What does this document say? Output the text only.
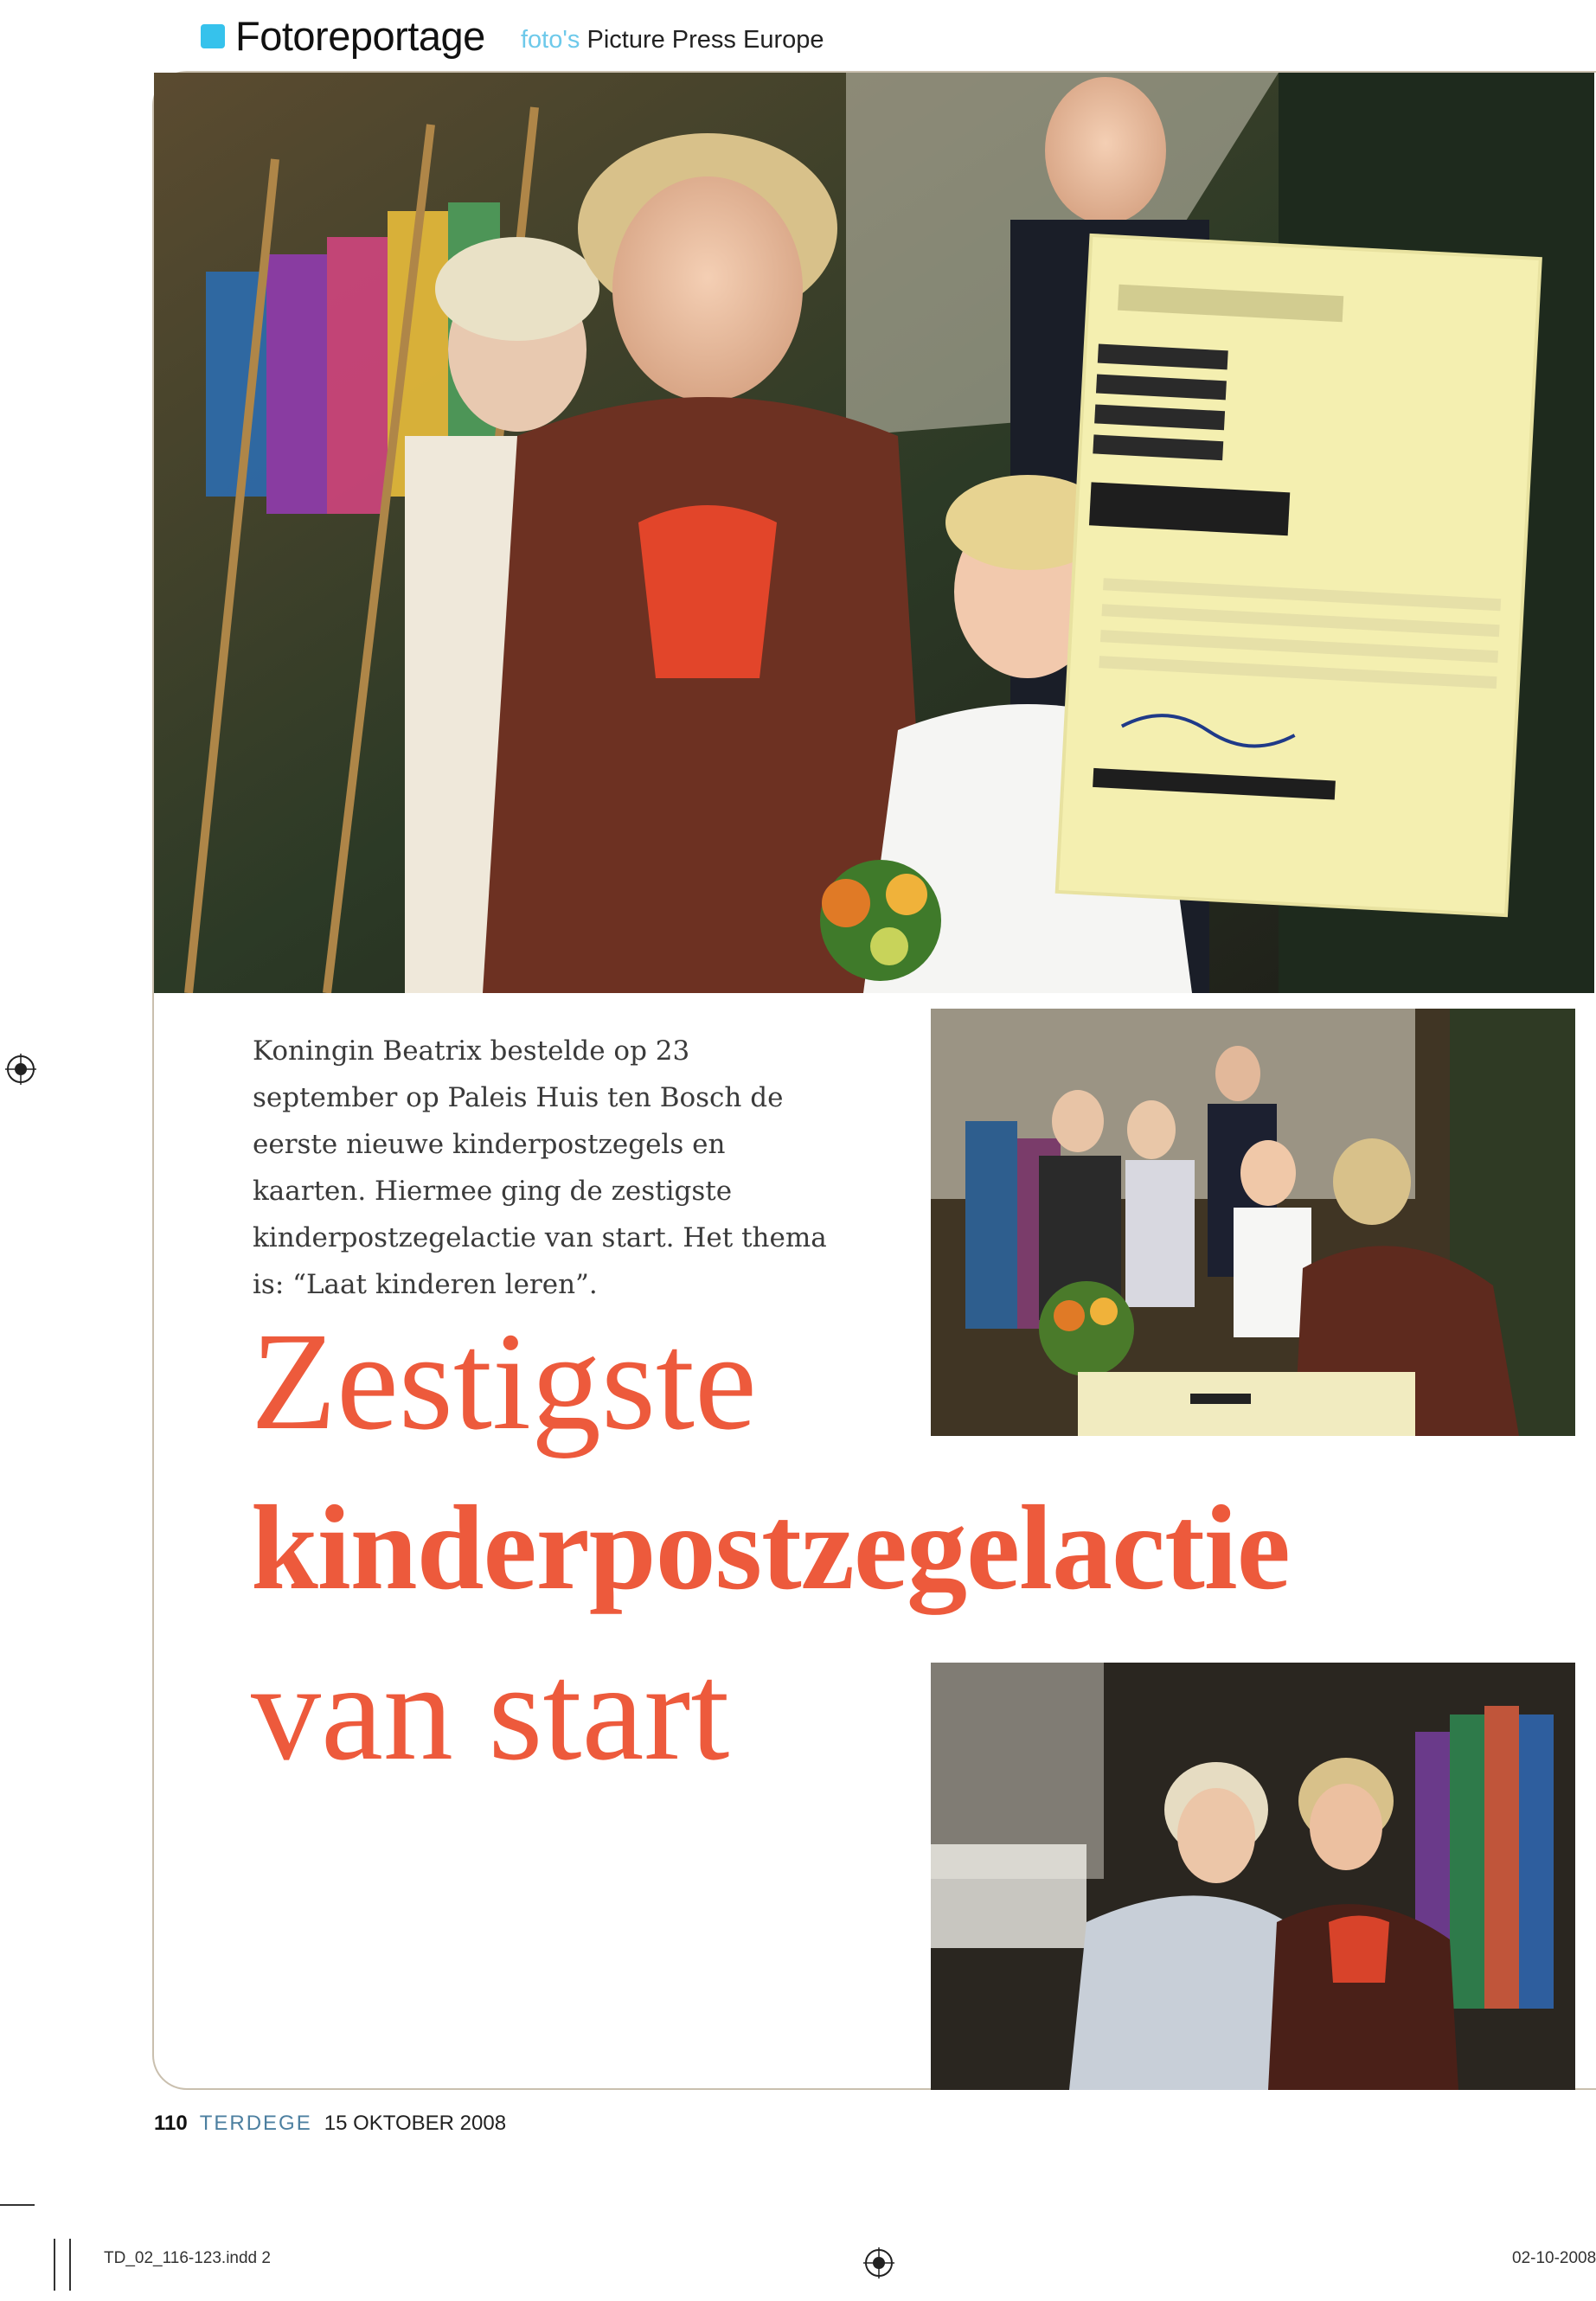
Fotoreportage foto's Picture Press Europe
Koningin Beatrix bestelde op 23 september op Paleis Huis ten Bosch de eerste nieuwe kinderpostzegels en kaarten. Hiermee ging de zestigste kinderpostzegelactie van start. Het thema is: “Laat kinderen leren”.
Zestigste
kinderpostzegelactie
van start
110 TERDEGE 15 OKTOBER 2008
TD_02_116-123.indd 2	02-10-2008
